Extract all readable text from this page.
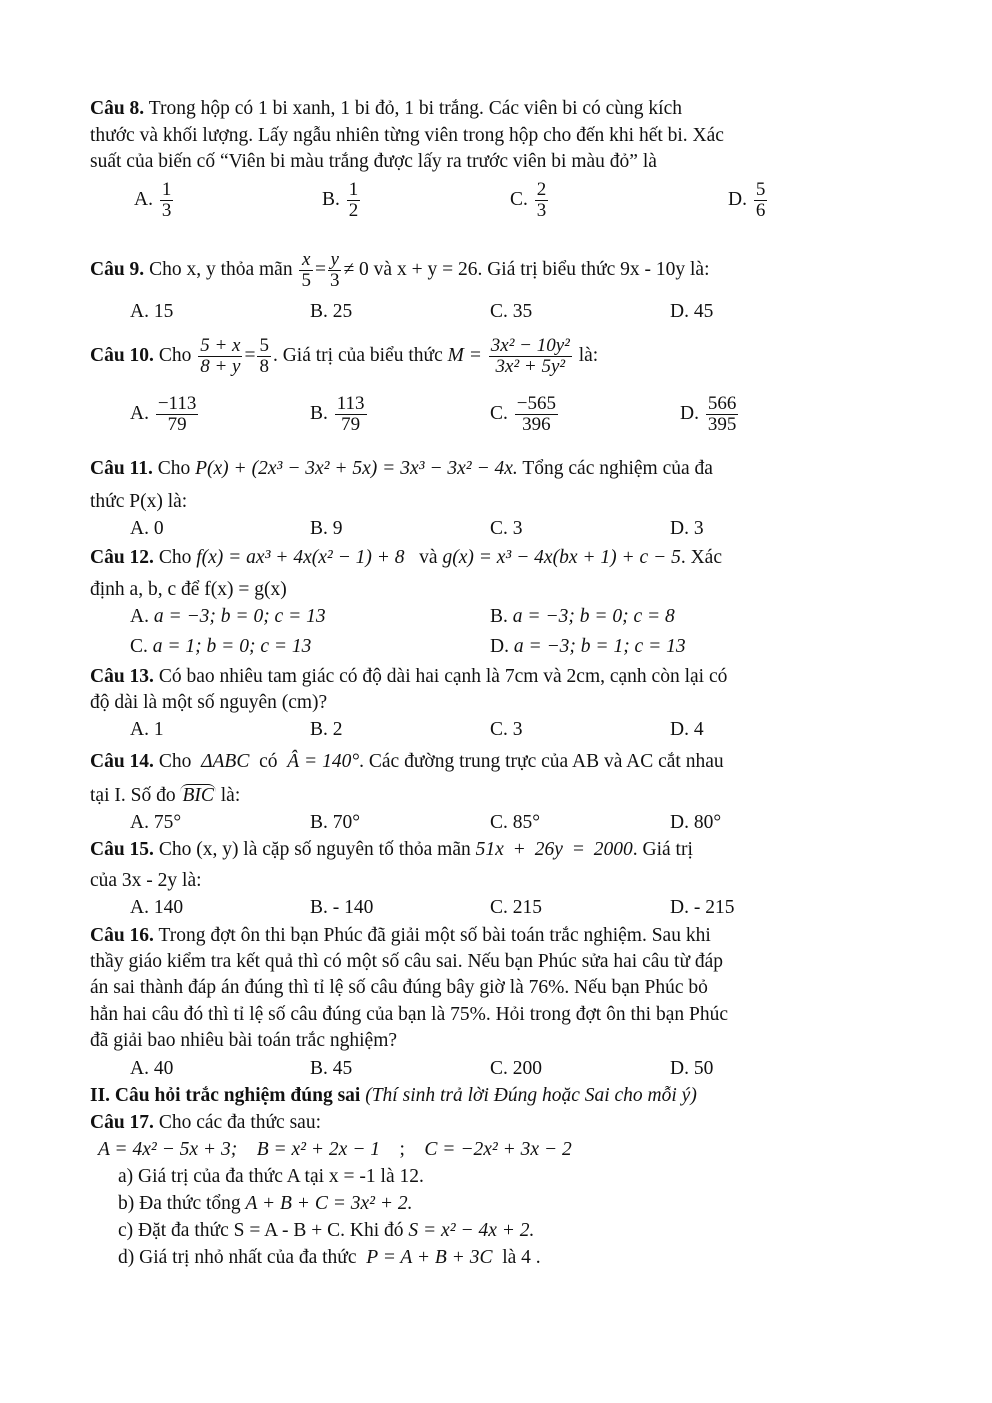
Câu 8. Trong hộp có 1 bi xanh, 1 bi đỏ, 1 bi trắng. Các viên bi có cùng kích
thước và khối lượng. Lấy ngẫu nhiên từng viên trong hộp cho đến khi hết bi. Xác
suất của biến cố “Viên bi màu trắng được lấy ra trước viên bi màu đỏ” là
A. $\frac{1}{3}$	B. $\frac{1}{2}$	C. $\frac{2}{3}$	D. $\frac{5}{6}$
Câu 9. Cho x, y thỏa mãn $\frac{x}{5} = \frac{y}{3} \ne 0$ và x + y = 26. Giá trị biểu thức 9x - 10y là:
A. 15	B. 25	C. 35	D. 45
Câu 10. Cho $\frac{5 + x}{8 + y} = \frac{5}{8}$ . Giá trị của biểu thức $M = \frac{\text{3x² − 10y²}}{\text{3x² + 5y²}}$ là:
A. $\frac{-113}{79}$	B. $\frac{113}{79}$	C. $\frac{-565}{396}$	D. $\frac{566}{395}$
Câu 11. Cho P(x) + (2x³ − 3x² + 5x) = 3x³ − 3x² − 4x. Tổng các nghiệm của đa
thức P(x) là:
A. 0	B. 9	C. 3	D. 3
Câu 12. Cho f(x) = ax³ + 4x(x² − 1) + 8 và g(x) = x³ − 4x(bx + 1) + c − 5. Xác
định a, b, c để f(x) = g(x)
A. a = −3; b = 0; c = 13	B. a = −3; b = 0; c = 8
C. a = 1; b = 0; c = 13	D. a = −3; b = 1; c = 13
Câu 13. Có bao nhiêu tam giác có độ dài hai cạnh là 7cm và 2cm, cạnh còn lại có
độ dài là một số nguyên (cm)?
A. 1	B. 2	C. 3	D. 4
Câu 14. Cho ΔABC có Â = 140°. Các đường trung trực của AB và AC cắt nhau
tại I. Số đo BIC là:
A. 75°	B. 70°	C. 85°	D. 80°
Câu 15. Cho (x, y) là cặp số nguyên tố thỏa mãn 51x + 26y = 2000. Giá trị
của 3x - 2y là:
A. 140	B. - 140	C. 215	D. - 215
Câu 16. Trong đợt ôn thi bạn Phúc đã giải một số bài toán trắc nghiệm. Sau khi
thầy giáo kiểm tra kết quả thì có một số câu sai. Nếu bạn Phúc sửa hai câu từ đáp
án sai thành đáp án đúng thì tỉ lệ số câu đúng bây giờ là 76%. Nếu bạn Phúc bỏ
hẳn hai câu đó thì tỉ lệ số câu đúng của bạn là 75%. Hỏi trong đợt ôn thi bạn Phúc
đã giải bao nhiêu bài toán trắc nghiệm?
A. 40	B. 45	C. 200	D. 50
II. Câu hỏi trắc nghiệm đúng sai (Thí sinh trả lời Đúng hoặc Sai cho mỗi ý)
Câu 17. Cho các đa thức sau:
A = 4x² − 5x + 3; B = x² + 2x − 1 ; C = −2x² + 3x − 2
a) Giá trị của đa thức A tại x = -1 là 12.
b) Đa thức tổng A + B + C = 3x² + 2.
c) Đặt đa thức S = A - B + C. Khi đó S = x² − 4x + 2.
d) Giá trị nhỏ nhất của đa thức P = A + B + 3C là 4 .
